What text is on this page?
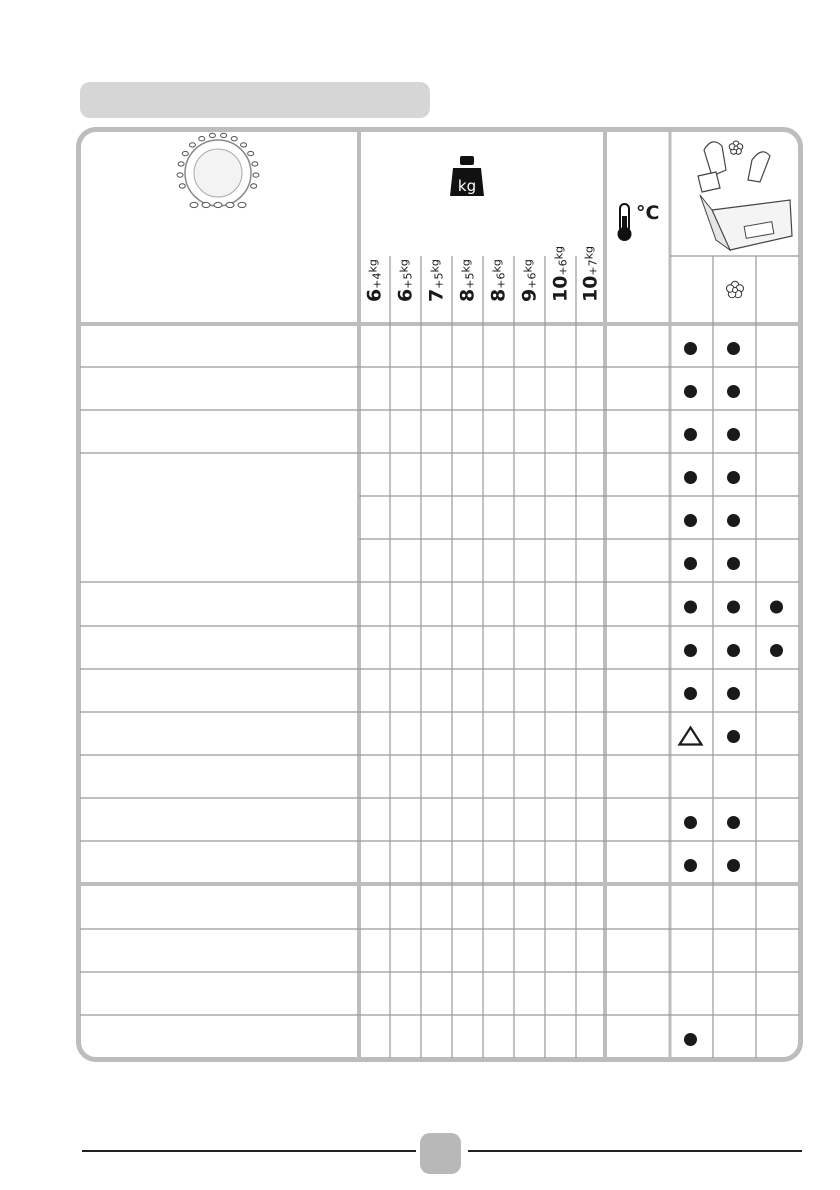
kg
$6+4^{kg}$
$6+5^{kg}$
$7+5^{kg}$
$8+5^{kg}$
$8+6^{kg}$
$9+6^{kg}$
$10+6^{kg}$
$10+7^{kg}$
°C
